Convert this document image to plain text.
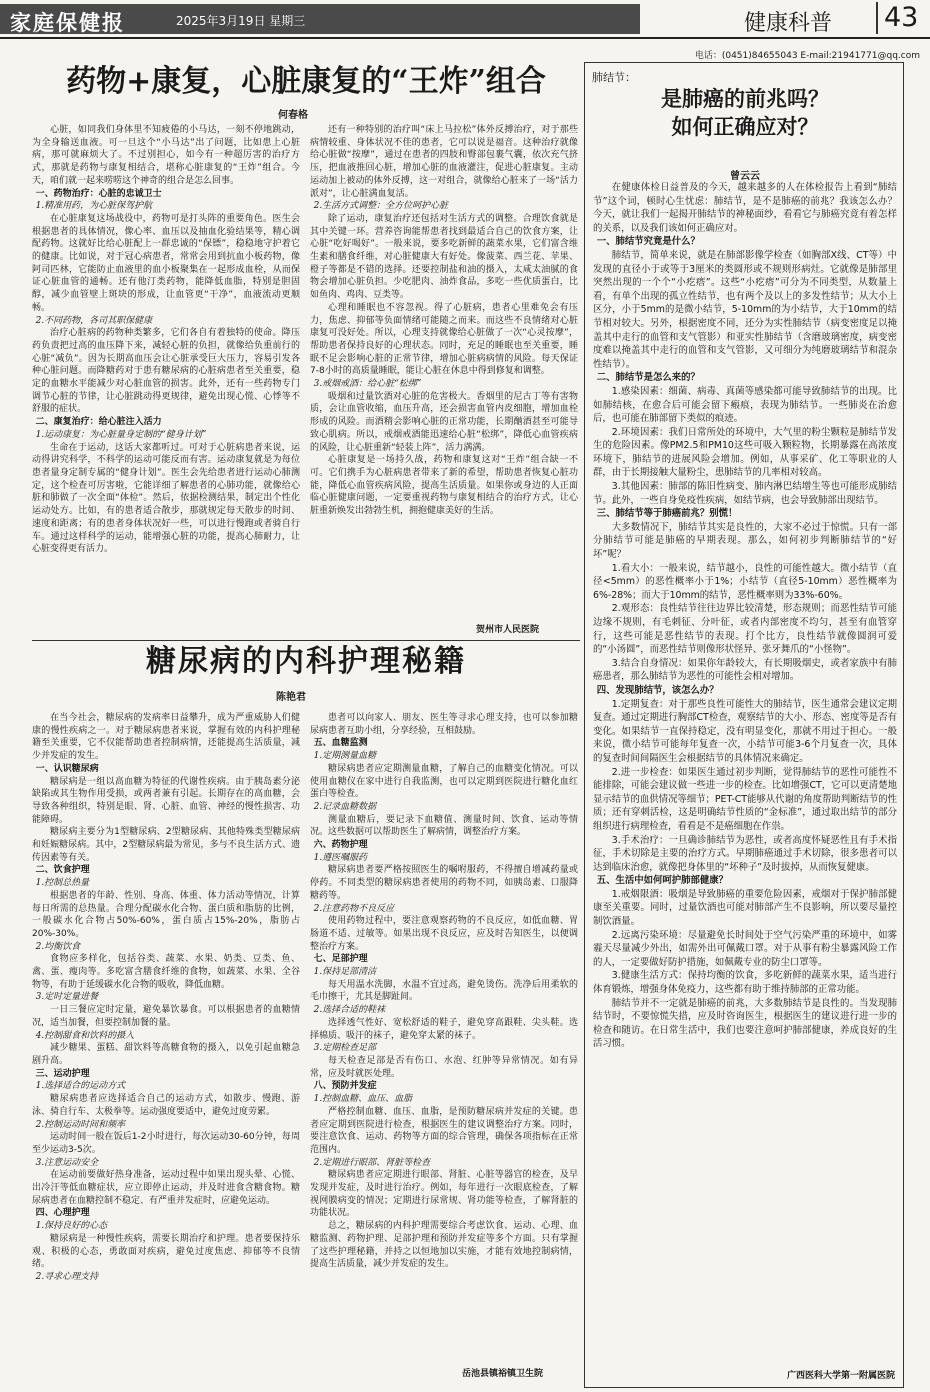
家庭保健报	2025年3月19日 星期三	健康科普 43
电话：(0451)84655043 E-mail:21941771@qq.com
药物+康复，心脏康复的“王炸”组合
何春格

心脏，如同我们身体里不知疲倦的小马达，一刻不停地跳动，为全身输送血液。可一旦这个“小马达”出了问题，比如患上心脏病，那可就麻烦大了。不过别担心，如今有一种超厉害的治疗方式，那就是药物与康复相结合，堪称心脏康复的“王炸”组合。今天，咱们就一起来唠唠这个神奇的组合是怎么回事。

一、药物治疗：心脏的忠诚卫士

1.精准用药，为心脏保驾护航

在心脏康复这场战役中，药物可是打头阵的重要角色。医生会根据患者的具体情况，像心率、血压以及抽血化验结果等，精心调配药物。这就好比给心脏配上一群忠诚的“保镖”，稳稳地守护着它的健康。比如说，对于冠心病患者，常常会用到抗血小板药物，像阿司匹林，它能防止血液里的血小板聚集在一起形成血栓，从而保证心脏血管的通畅。还有他汀类药物，能降低血脂，特别是胆固醇，减少血管壁上斑块的形成，让血管更“干净”，血液流动更顺畅。

2.不同药物，各司其职保健康

治疗心脏病的药物种类繁多，它们各自有着独特的使命。降压药负责把过高的血压降下来，减轻心脏的负担，就像给负重前行的心脏“减负”。因为长期高血压会让心脏承受巨大压力，容易引发各种心脏问题。而降糖药对于患有糖尿病的心脏病患者至关重要，稳定的血糖水平能减少对心脏血管的损害。此外，还有一些药物专门调节心脏的节律，让心脏跳动得更规律，避免出现心慌、心悸等不舒服的症状。

二、康复治疗：给心脏注入活力

1.运动康复：为心脏量身定制的“健身计划”

生命在于运动，这话大家都听过。可对于心脏病患者来说，运动得讲究科学，不科学的运动可能反而有害。运动康复就是为每位患者量身定制专属的“健身计划”。医生会先给患者进行运动心肺测定，这个检查可厉害啦，它能详细了解患者的心肺功能，就像给心脏和肺做了一次全面“体检”。然后，依据检测结果，制定出个性化运动处方。比如，有的患者适合散步，那就规定每天散步的时间、速度和距离；有的患者身体状况好一些，可以进行慢跑或者骑自行车。通过这样科学的运动，能增强心脏的功能，提高心肺耐力，让心脏变得更有活力。

还有一种特别的治疗叫“床上马拉松”体外反搏治疗，对于那些病情较重、身体状况不佳的患者，它可以说是福音。这种治疗就像给心脏做“按摩”，通过在患者的四肢和臀部包裹气囊，依次充气挤压，把血液推回心脏，增加心脏的血液灌注，促进心脏康复。主动运动加上被动的体外反搏，这一对组合，就像给心脏来了一场“活力派对”，让心脏满血复活。

2.生活方式调整：全方位呵护心脏

除了运动，康复治疗还包括对生活方式的调整。合理饮食就是其中关键一环。营养咨询能帮患者找到最适合自己的饮食方案，让心脏“吃好喝好”。一般来说，要多吃新鲜的蔬菜水果，它们富含维生素和膳食纤维，对心脏健康大有好处。像菠菜、西兰花、苹果、橙子等都是不错的选择。还要控制盐和油的摄入，太咸太油腻的食物会增加心脏负担。少吃肥肉、油炸食品，多吃一些优质蛋白，比如鱼肉、鸡肉、豆类等。

心理和睡眠也不容忽视。得了心脏病，患者心里难免会有压力，焦虑、抑郁等负面情绪可能随之而来。而这些不良情绪对心脏康复可没好处。所以，心理支持就像给心脏做了一次“心灵按摩”，帮助患者保持良好的心理状态。同时，充足的睡眠也至关重要，睡眠不足会影响心脏的正常节律，增加心脏病病情的风险。每天保证7-8小时的高质量睡眠，能让心脏在休息中得到修复和调整。

3.戒烟戒酒：给心脏“松绑”

吸烟和过量饮酒对心脏的危害极大。香烟里的尼古丁等有害物质，会让血管收缩，血压升高，还会损害血管内皮细胞，增加血栓形成的风险。而酒精会影响心脏的正常功能，长期酗酒甚至可能导致心肌病。所以，戒烟戒酒能迅速给心脏“松绑”，降低心血管疾病的风险，让心脏重新“轻装上阵”，活力满满。

心脏康复是一场持久战，药物和康复这对“王炸”组合缺一不可。它们携手为心脏病患者带来了新的希望，帮助患者恢复心脏功能，降低心血管疾病风险，提高生活质量。如果你或身边的人正面临心脏健康问题，一定要重视药物与康复相结合的治疗方式，让心脏重新焕发出勃勃生机，拥抱健康美好的生活。

贺州市人民医院
糖尿病的内科护理秘籍
陈艳君

在当今社会，糖尿病的发病率日益攀升，成为严重威胁人们健康的慢性疾病之一。对于糖尿病患者来说，掌握有效的内科护理秘籍至关重要，它不仅能帮助患者控制病情，还能提高生活质量，减少并发症的发生。

一、认识糖尿病

糖尿病是一组以高血糖为特征的代谢性疾病。由于胰岛素分泌缺陷或其生物作用受损，或两者兼有引起。长期存在的高血糖，会导致各种组织，特别是眼、肾、心脏、血管、神经的慢性损害、功能障碍。

糖尿病主要分为1型糖尿病、2型糖尿病、其他特殊类型糖尿病和妊娠糖尿病。其中，2型糖尿病最为常见，多与不良生活方式、遗传因素等有关。

二、饮食护理

1.控制总热量

根据患者的年龄、性别、身高、体重、体力活动等情况，计算每日所需的总热量。合理分配碳水化合物、蛋白质和脂肪的比例，一般碳水化合物占50%-60%，蛋白质占15%-20%，脂肪占20%-30%。

2.均衡饮食

食物应多样化，包括谷类、蔬菜、水果、奶类、豆类、鱼、禽、蛋、瘦肉等。多吃富含膳食纤维的食物，如蔬菜、水果、全谷物等，有助于延缓碳水化合物的吸收，降低血糖。

3.定时定量进餐

一日三餐应定时定量，避免暴饮暴食。可以根据患者的血糖情况，适当加餐，但要控制加餐的量。

4.控制甜食和饮料的摄入

减少糖果、蛋糕、甜饮料等高糖食物的摄入，以免引起血糖急剧升高。

三、运动护理

1.选择适合的运动方式

糖尿病患者应选择适合自己的运动方式，如散步、慢跑、游泳、骑自行车、太极拳等。运动强度要适中，避免过度劳累。

2.控制运动时间和频率

运动时间一般在饭后1-2小时进行，每次运动30-60分钟，每周至少运动3-5次。

3.注意运动安全

在运动前要做好热身准备，运动过程中如果出现头晕、心慌、出冷汗等低血糖症状，应立即停止运动，并及时进食含糖食物。糖尿病患者在血糖控制不稳定、有严重并发症时，应避免运动。

四、心理护理

1.保持良好的心态

糖尿病是一种慢性疾病，需要长期治疗和护理。患者要保持乐观、积极的心态，勇敢面对疾病，避免过度焦虑、抑郁等不良情绪。

2.寻求心理支持

患者可以向家人、朋友、医生等寻求心理支持，也可以参加糖尿病患者互助小组，分享经验，互相鼓励。

五、血糖监测

1.定期测量血糖

糖尿病患者应定期测量血糖，了解自己的血糖变化情况。可以使用血糖仪在家中进行自我监测，也可以定期到医院进行糖化血红蛋白等检查。

2.记录血糖数据

测量血糖后，要记录下血糖值、测量时间、饮食、运动等情况。这些数据可以帮助医生了解病情，调整治疗方案。

六、药物护理

1.遵医嘱服药

糖尿病患者要严格按照医生的嘱咐服药，不得擅自增减药量或停药。不同类型的糖尿病患者使用的药物不同，如胰岛素、口服降糖药等。

2.注意药物不良反应

使用药物过程中，要注意观察药物的不良反应，如低血糖、胃肠道不适、过敏等。如果出现不良反应，应及时告知医生，以便调整治疗方案。

七、足部护理

1.保持足部清洁

每天用温水洗脚，水温不宜过高，避免烫伤。洗净后用柔软的毛巾擦干，尤其是脚趾间。

2.选择合适的鞋袜

选择透气性好、宽松舒适的鞋子，避免穿高跟鞋、尖头鞋。选择棉质、吸汗的袜子，避免穿太紧的袜子。

3.定期检查足部

每天检查足部是否有伤口、水泡、红肿等异常情况。如有异常，应及时就医处理。

八、预防并发症

1.控制血糖、血压、血脂

严格控制血糖、血压、血脂，是预防糖尿病并发症的关键。患者应定期到医院进行检查，根据医生的建议调整治疗方案。同时，要注意饮食、运动、药物等方面的综合管理，确保各项指标在正常范围内。

2.定期进行眼部、肾脏等检查

糖尿病患者应定期进行眼部、肾脏、心脏等器官的检查，及早发现并发症，及时进行治疗。例如，每年进行一次眼底检查，了解视网膜病变的情况；定期进行尿常规、肾功能等检查，了解肾脏的功能状况。

总之，糖尿病的内科护理需要综合考虑饮食、运动、心理、血糖监测、药物护理、足部护理和预防并发症等多个方面。只有掌握了这些护理秘籍，并持之以恒地加以实施，才能有效地控制病情，提高生活质量，减少并发症的发生。

岳池县镇裕镇卫生院
肺结节：
是肺癌的前兆吗？
如何正确应对？
曾云云

在健康体检日益普及的今天，越来越多的人在体检报告上看到“肺结节”这个词，顿时心生忧虑：肺结节，是不是肺癌的前兆？我该怎么办？今天，就让我们一起揭开肺结节的神秘面纱，看看它与肺癌究竟有着怎样的关系，以及我们该如何正确应对。

一、肺结节究竟是什么？

肺结节，简单来说，就是在肺部影像学检查（如胸部X线、CT等）中发现的直径小于或等于3厘米的类圆形或不规则形病灶。它就像是肺部里突然出现的一个个“小疙瘩”。这些“小疙瘩”可分为不同类型，从数量上看，有单个出现的孤立性结节，也有两个及以上的多发性结节；从大小上区分，小于5mm的是微小结节，5-10mm的为小结节，大于10mm的结节相对较大。另外，根据密度不同，还分为实性肺结节（病变密度足以掩盖其中走行的血管和支气管影）和亚实性肺结节（含磨玻璃密度，病变密度难以掩盖其中走行的血管和支气管影，又可细分为纯磨玻璃结节和混杂性结节）。

二、肺结节是怎么来的？

1.感染因素：细菌、病毒、真菌等感染都可能导致肺结节的出现。比如肺结核，在愈合后可能会留下瘢痕，表现为肺结节。一些肺炎在治愈后，也可能在肺部留下类似的痕迹。

2.环境因素：我们日常所处的环境中，大气里的粉尘颗粒是肺结节发生的危险因素。像PM2.5和PM10这些可吸入颗粒物，长期暴露在高浓度环境下，肺结节的进展风险会增加。例如，从事采矿、化工等职业的人群，由于长期接触大量粉尘，患肺结节的几率相对较高。

3.其他因素：肺部的陈旧性病变、肺内淋巴结增生等也可能形成肺结节。此外，一些自身免疫性疾病，如结节病，也会导致肺部出现结节。

三、肺结节等于肺癌前兆？别慌！

大多数情况下，肺结节其实是良性的，大家不必过于惊慌。只有一部分肺结节可能是肺癌的早期表现。那么，如何初步判断肺结节的“好坏”呢？

1.看大小：一般来说，结节越小，良性的可能性越大。微小结节（直径<5mm）的恶性概率小于1%；小结节（直径5-10mm）恶性概率为6%-28%；而大于10mm的结节，恶性概率则为33%-60%。

2.观形态：良性结节往往边界比较清楚，形态规则；而恶性结节可能边缘不规则，有毛刺征、分叶征，或者内部密度不均匀，甚至有血管穿行，这些可能是恶性结节的表现。打个比方，良性结节就像圆润可爱的“小汤圆”，而恶性结节则像形状怪异、张牙舞爪的“小怪物”。

3.结合自身情况：如果你年龄较大，有长期吸烟史，或者家族中有肺癌患者，那么肺结节为恶性的可能性会相对增加。

四、发现肺结节，该怎么办？

1.定期复查：对于那些良性可能性大的肺结节，医生通常会建议定期复查。通过定期进行胸部CT检查，观察结节的大小、形态、密度等是否有变化。如果结节一直保持稳定，没有明显变化，那就不用过于担心。一般来说，微小结节可能每年复查一次，小结节可能3-6个月复查一次，具体的复查时间间隔医生会根据结节的具体情况来确定。

2.进一步检查：如果医生通过初步判断，觉得肺结节的恶性可能性不能排除，可能会建议做一些进一步的检查。比如增强CT，它可以更清楚地显示结节的血供情况等细节；PET-CT能够从代谢的角度帮助判断结节的性质；还有穿刺活检，这是明确结节性质的“金标准”，通过取出结节的部分组织进行病理检查，看看是不是癌细胞在作祟。

3.手术治疗：一旦确诊肺结节为恶性，或者高度怀疑恶性且有手术指征，手术切除是主要的治疗方式。早期肺癌通过手术切除，很多患者可以达到临床治愈，就像把身体里的“坏种子”及时拔掉，从而恢复健康。

五、生活中如何呵护肺部健康？

1.戒烟限酒：吸烟是导致肺癌的重要危险因素，戒烟对于保护肺部健康至关重要。同时，过量饮酒也可能对肺部产生不良影响，所以要尽量控制饮酒量。

2.远离污染环境：尽量避免长时间处于空气污染严重的环境中，如雾霾天尽量减少外出，如需外出可佩戴口罩。对于从事有粉尘暴露风险工作的人，一定要做好防护措施，如佩戴专业的防尘口罩等。

3.健康生活方式：保持均衡的饮食，多吃新鲜的蔬菜水果，适当进行体育锻炼，增强身体免疫力，这些都有助于维持肺部的正常功能。

肺结节并不一定就是肺癌的前兆，大多数肺结节是良性的。当发现肺结节时，不要惊慌失措，应及时咨询医生，根据医生的建议进行进一步的检查和随访。在日常生活中，我们也要注意呵护肺部健康，养成良好的生活习惯。

广西医科大学第一附属医院
